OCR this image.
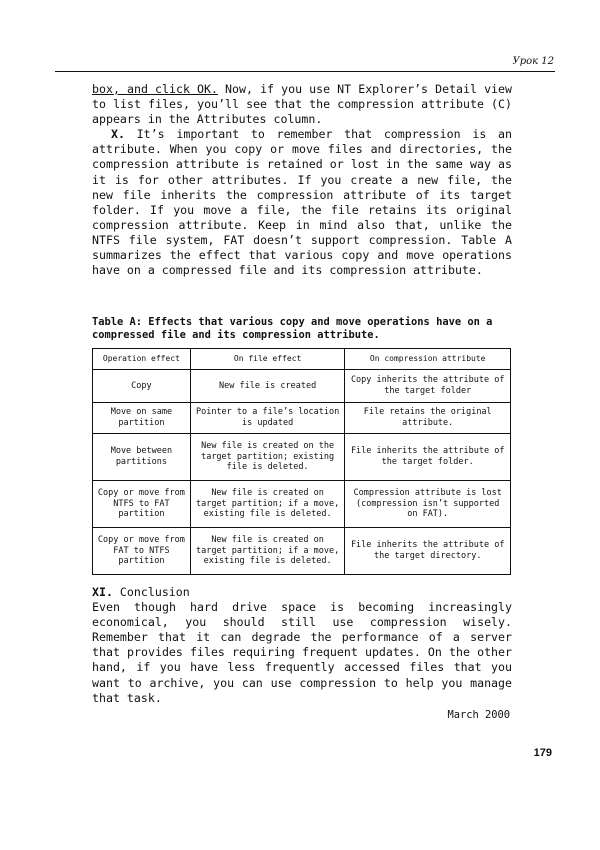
Урок 12

box, and click OK. Now, if you use NT Explorer’s Detail view to list files, you’ll see that the compression attribute (C) appears in the Attributes column.

X. It’s important to remember that compression is an attribute. When you copy or move files and directories, the compression attribute is retained or lost in the same way as it is for other attributes. If you create a new file, the new file inherits the compression attribute of its target folder. If you move a file, the file retains its original compression attribute. Keep in mind also that, unlike the NTFS file system, FAT doesn’t support compression. Table A summarizes the effect that various copy and move operations have on a compressed file and its compression attribute.

Table A: Effects that various copy and move operations have on a compressed file and its compression attribute.
Operation effect	On file effect	On compression attribute
Copy	New file is created	Copy inherits the attribute of the target folder
Move on same partition	Pointer to a file’s location is updated	File retains the original attribute.
Move between partitions	New file is created on the target partition; existing file is deleted.	File inherits the attribute of the target folder.
Copy or move from NTFS to FAT partition	New file is created on target partition; if a move, existing file is deleted.	Compression attribute is lost (compression isn’t supported on FAT).
Copy or move from FAT to NTFS partition	New file is created on target partition; if a move, existing file is deleted.	File inherits the attribute of the target directory.

XI. Conclusion

Even though hard drive space is becoming increasingly economical, you should still use compression wisely. Remember that it can degrade the performance of a server that provides files requiring frequent updates. On the other hand, if you have less frequently accessed files that you want to archive, you can use compression to help you manage that task.

March 2000
179
